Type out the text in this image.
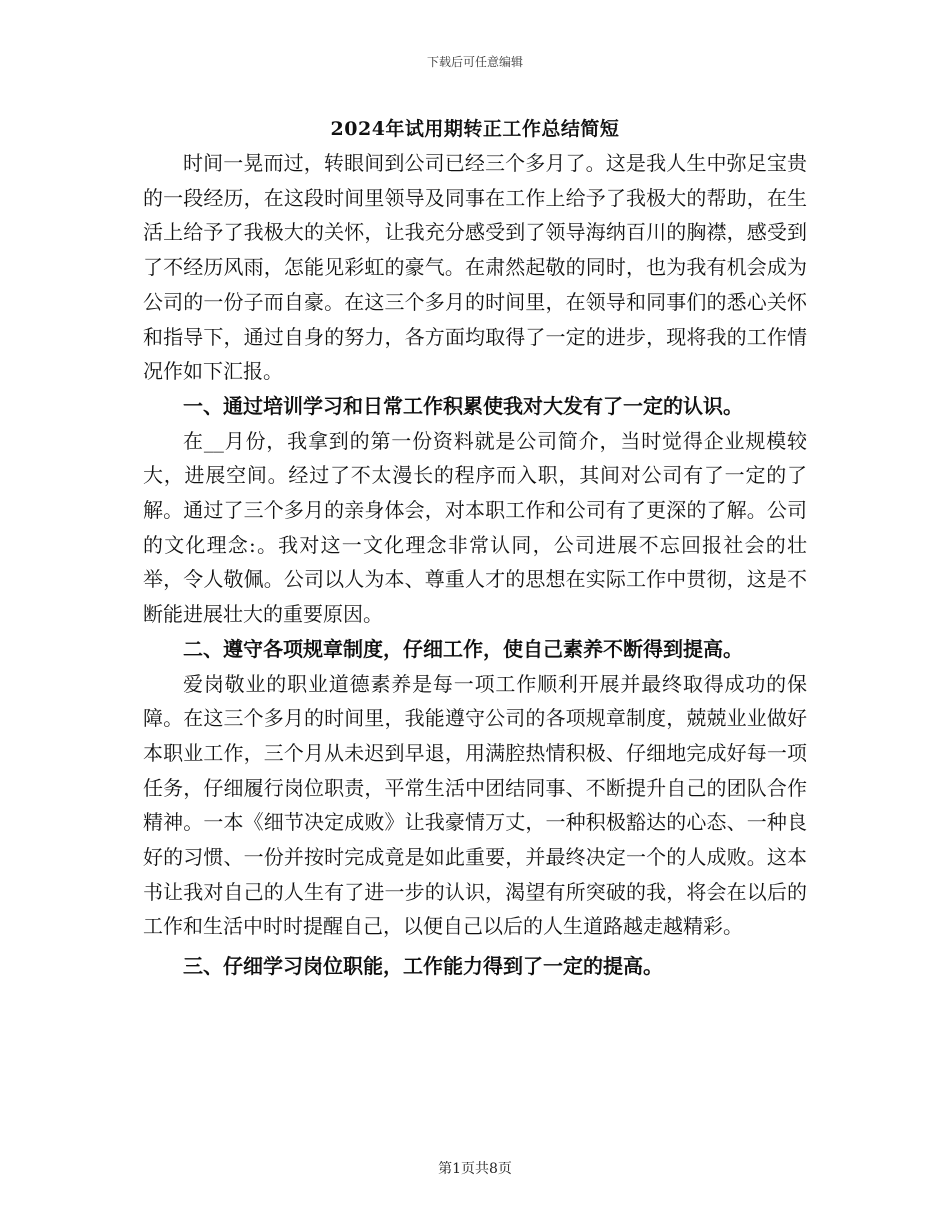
下载后可任意编辑
2024年试用期转正工作总结简短

时间一晃而过，转眼间到公司已经三个多月了。这是我人生中弥足宝贵的一段经历，在这段时间里领导及同事在工作上给予了我极大的帮助，在生活上给予了我极大的关怀，让我充分感受到了领导海纳百川的胸襟，感受到了不经历风雨，怎能见彩虹的豪气。在肃然起敬的同时，也为我有机会成为公司的一份子而自豪。在这三个多月的时间里，在领导和同事们的悉心关怀和指导下，通过自身的努力，各方面均取得了一定的进步，现将我的工作情况作如下汇报。

一、通过培训学习和日常工作积累使我对大发有了一定的认识。

在__月份，我拿到的第一份资料就是公司简介，当时觉得企业规模较大，进展空间。经过了不太漫长的程序而入职，其间对公司有了一定的了解。通过了三个多月的亲身体会，对本职工作和公司有了更深的了解。公司的文化理念:。我对这一文化理念非常认同，公司进展不忘回报社会的壮举，令人敬佩。公司以人为本、尊重人才的思想在实际工作中贯彻，这是不断能进展壮大的重要原因。

二、遵守各项规章制度，仔细工作，使自己素养不断得到提高。

爱岗敬业的职业道德素养是每一项工作顺利开展并最终取得成功的保障。在这三个多月的时间里，我能遵守公司的各项规章制度，兢兢业业做好本职业工作，三个月从未迟到早退，用满腔热情积极、仔细地完成好每一项任务，仔细履行岗位职责，平常生活中团结同事、不断提升自己的团队合作精神。一本《细节决定成败》让我豪情万丈，一种积极豁达的心态、一种良好的习惯、一份并按时完成竟是如此重要，并最终决定一个的人成败。这本书让我对自己的人生有了进一步的认识，渴望有所突破的我，将会在以后的工作和生活中时时提醒自己，以便自己以后的人生道路越走越精彩。

三、仔细学习岗位职能，工作能力得到了一定的提高。

第1页共8页
